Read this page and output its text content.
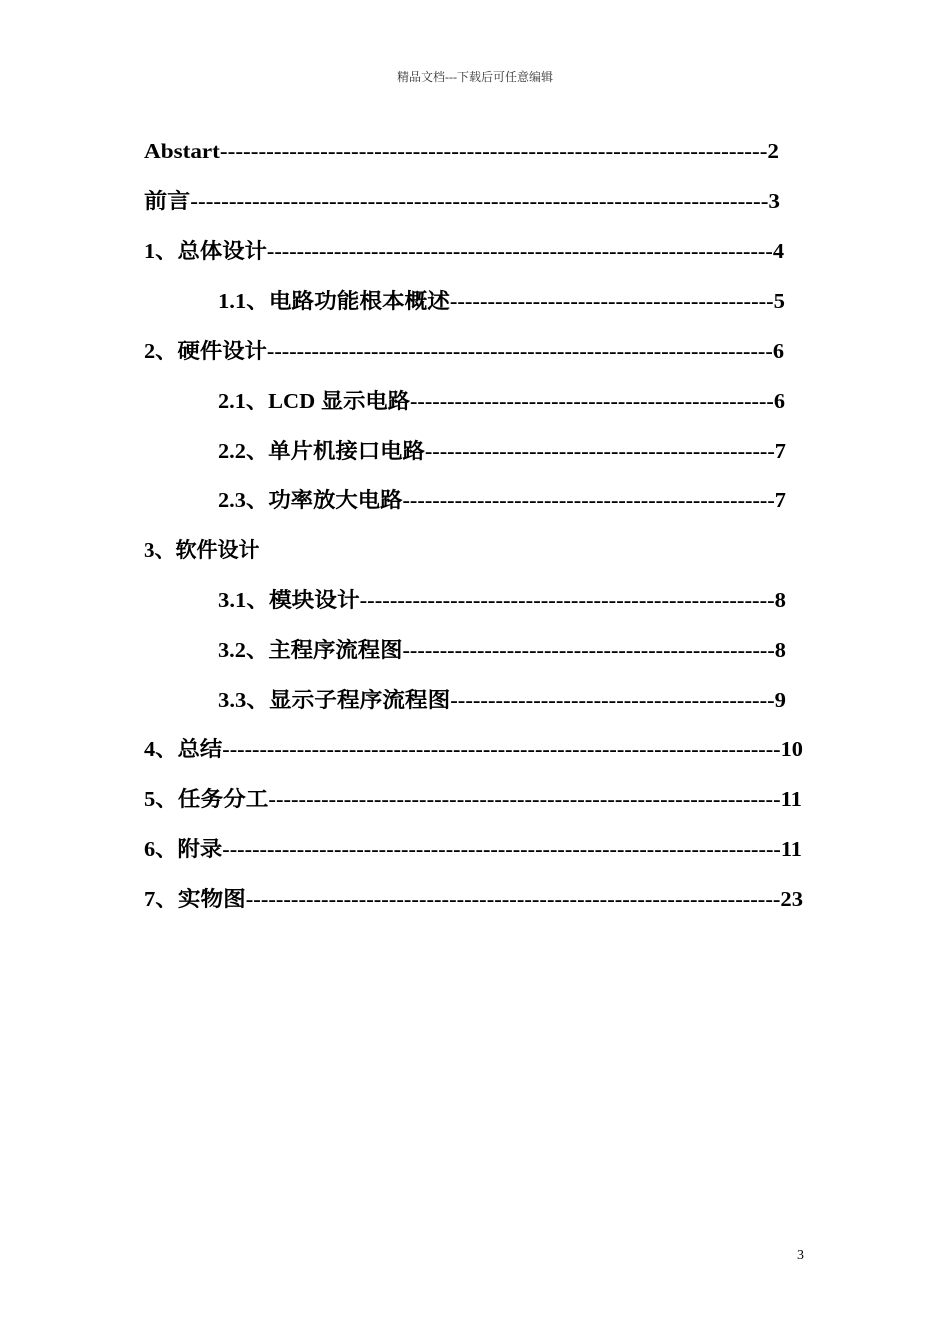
精品文档---下载后可任意编辑
Abstart-----------------------------------------------------------------------2
前言---------------------------------------------------------------------------3
1、总体设计--------------------------------------------------------------------4
1.1、电路功能根本概述-------------------------------------------5
2、硬件设计--------------------------------------------------------------------6
2.1、LCD 显示电路-------------------------------------------------6
2.2、单片机接口电路-----------------------------------------------7
2.3、功率放大电路--------------------------------------------------7
3、软件设计
3.1、模块设计-------------------------------------------------------8
3.2、主程序流程图--------------------------------------------------8
3.3、显示子程序流程图-------------------------------------------9
4、总结---------------------------------------------------------------------------10
5、任务分工--------------------------------------------------------------------11
6、附录---------------------------------------------------------------------------11
7、实物图-----------------------------------------------------------------------23
3
